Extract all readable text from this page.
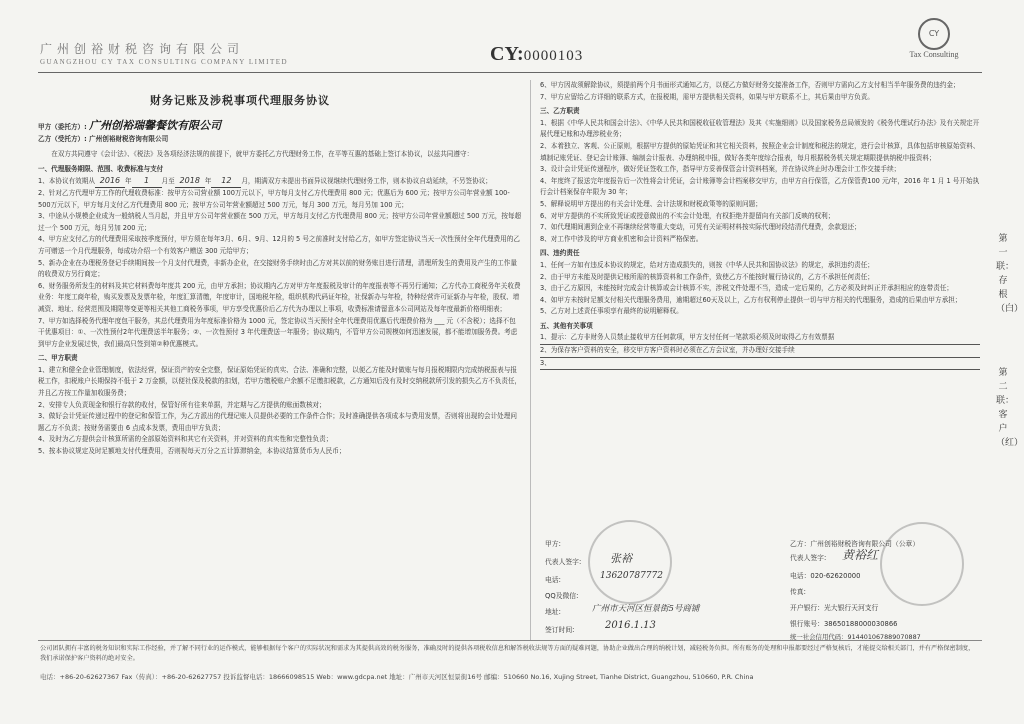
广州创裕财税咨询有限公司
GUANGZHOU CY TAX CONSULTING COMPANY LIMITED	CY:0000103
CY
Tax Consulting
财务记账及涉税事项代理服务协议

甲方（委托方）: 广州创裕瑞馨餐饮有限公司

乙方（受托方）: 广州创裕财税咨询有限公司

在双方共同遵守《会计法》、《税法》及各项经济法规的前提下，就甲方委托乙方代理财务工作，在平等互惠的基础上签订本协议，以兹共同遵守：

一、代理服务期限、范围、收费标准与支付

1、本协议有效期从 2016 年 1 月至 2018 年 12 月，期满双方未提出书面异议视继续代理财务工作，则本协议自动延续，不另签协议；

2、针对乙方代理甲方工作的代理收费标准：按甲方公司营业额 100万元以下，甲方每月支付乙方代理费用 800 元；优惠后为 600 元；按甲方公司年营业额 100-500万元以下，甲方每月支付乙方代理费用 800 元；按甲方公司年营业额超过 500 万元，每月 300 万元，每月另加 100 元；

3、中途从小规模企业成为一般纳税人当月起，并且甲方公司年营业额在 500 万元，甲方每月支付乙方代理费用 800 元；按甲方公司年营业额超过 500 万元，按每超过一个 500 万元，每月另加 200 元；

4、甲方应支付乙方的代理费用采取按季度预付，甲方须在每年3月、6月、9月、12月的 5 号之前准时支付给乙方，如甲方签定协议当天一次性预付全年代理费用的乙方可赠送一个月代理服务，每成功介绍一个有效客户赠送 300 元给甲方；

5、新办企业在办理税务登记手续期间按一个月支付代理费，非新办企业，在交接财务手续时由乙方对其以前的财务账目进行清理，清理所发生的费用及产生的工作量的收费双方另行商定；

6、财务服务所发生的材料及其它材料费每年度共 200 元，由甲方承担；协议期内乙方对甲方年度报税及审计的年度报表等不再另行通知；乙方代办工商税务年关收费业务：年度工商年检，购买发票及发票年检，年度汇算清缴，年度审计，国地税年检，组织机构代码证年检，社保新办与年检，特种经营许可证新办与年检，股权、增减资、地址、经营范围及期限等变更等相关其他工商税务事项，甲方享受优惠价后乙方代为办理以上事项，收费标准请留意本公司网站及每年度最新价格明细表；

7、甲方如选择税务代理年度包干服务，其总代理费用为年度标准价格为 1000 元，签定协议当天预付全年代理费用优惠后代理费价格为 ___ 元（不含税）；选择不包干优惠项目：①、一次性预付2年代理费送半年服务；②、一次性预付 3 年代理费送一年服务；协议期内，不管甲方公司规模如何迅速发展，都不能增加服务费。考虑到甲方企业发展过快，我们最高只签到第②种优惠模式。

二、甲方职责

1、建立和健全企业管理制度，依法经营，保证资产的安全完整，保证原始凭证的真实、合法、准确和完整，以便乙方能及时做账与每月报税期限内完成纳税报表与报税工作，扣税账户长期保持不低于 2 万金额，以便社保及税款的扣划，若甲方缴税账户余额不足缴扣税款，乙方通知后没有及时交纳税款所引发的损失乙方不负责任，并且乙方按工作量加收服务费；

2、安排专人负责现金和银行存款的收付，保管好所有往来单据，并定期与乙方提供的账面数核对；

3、做好会计凭证传递过程中的登记和保管工作，为乙方派出的代理记账人员提供必要的工作条件合作；及时准确提供各项成本与费用发票，否则将出现的会计处理问题乙方不负责；按财务需要由 6 点成本发票，费用由甲方负责；

4、及时为乙方提供会计核算所需的全部原始资料和其它有关资料，并对资料的真实性和完整性负责；

5、按本协议规定及时足额地支付代理费用，否则视每天万分之五计算滞纳金，本协议结算货币为人民币；

6、甲方因故须解除协议，须提前两个月书面形式通知乙方，以便乙方做好财务交接准备工作，否则甲方需向乙方支付相当半年服务费的违约金；

7、甲方应留给乙方详细的联系方式，在报税期，需甲方提供相关资料，如果与甲方联系不上，其后果由甲方负责。

三、乙方职责

1、根据《中华人民共和国会计法》、《中华人民共和国税收征收管理法》及其《实施细则》以及国家税务总局颁发的《税务代理试行办法》及有关规定开展代理记账和办理涉税业务；

2、本着独立、客观、公正原则，根据甲方提供的原始凭证和其它相关资料，按照企业会计制度和税法的规定，进行会计核算，具体包括审核原始资料、填制记账凭证、登记会计账簿、编制会计报表、办理纳税申报，做好各类年度综合报表，每月根据税务机关规定期限提供纳税申报资料；

3、设计会计凭证传递程序，做好凭证签收工作，指导甲方妥善保管会计资料档案，并在协议终止时办理会计工作交接手续；

4、年度终了报送完年度报告后一次性将会计凭证，会计账簿等会计档案移交甲方，由甲方自行保管，乙方保管费100 元/年，2016 年 1 月 1 号开始执行会计档案保存年限为 30 年；

5、解释说明甲方提出的有关会计处理、会计法规和财税政策等的原则问题；

6、对甲方提供的不实所致凭证或授意做出的不实会计处理，有权拒绝并提留向有关部门反映的权利；

7、如代理期间遇到企业不再继续经营等重大变动，可凭有关证明材料按实际代理时段结清代理费，余款退还；

8、对工作中涉及的甲方商业机密和会计资料严格保密。

四、违约责任

1、任何一方如有违反本协议的规定，给对方造成损失的，则按《中华人民共和国协议法》的规定，承担违约责任；

2、由于甲方未能及时提供记账所需的核算资料和工作条件，致使乙方不能按时履行协议的，乙方不承担任何责任；

3、由于乙方原因，未能按时完成会计核算或会计核算不实，涉税文件处理不当，造成一定后果的，乙方必须及时纠正并承担相应的连带责任；

4、如甲方未按时足额支付相关代理服务费用，逾期超过60天及以上，乙方有权利停止提供一切与甲方相关的代理服务，造成的后果由甲方承担；

5、乙方对上述责任事项享有最终的说明解释权。

五、其他有关事项

1、提示：乙方非财务人员禁止接收甲方任何款项，甲方支付任何一笔款项必须及时取得乙方有效票据

2、为保存客户资料的安全，移交甲方客户资料时必须在乙方会议室，并办理好交接手续

3、

甲方:
代表人签字:	张裕
电话:	13620787772
QQ及微信:
地址:	广州市天河区恒景街5号商铺
签订时间:	2016.1.13
乙方：广州创裕财税咨询有限公司（公章）
代表人签字: 黄裕红
电话：020-62620000
传真:
开户银行：光大银行天河支行
银行账号：38650188000030866
统一社会信用代码：914401067889070887
第一联：存根（白）
第二联：客户（红）
公司团队拥有丰富的税务知识和实际工作经验，并了解不同行业的运作模式，能够根据每个客户的实际状况和需求为其提供高效的税务服务，准确及时的提供各项税收信息和解答税收法规等方面的疑难问题，协助企业做出合理的纳税计划，减轻税务负担。所有账务的处理和申报都要经过严格复核后，才能提交给相关部门，并有严格保密制度，我们承诺保护客户资料的绝对安全。
电话：+86-20-62627367 Fax（传真）：+86-20-62627757 投诉监督电话：18666098515 Web：www.gdcpa.net 地址：广州市天河区恒景街16号 邮编：510660 No.16, Xujing Street, Tianhe District, Guangzhou, 510660, P.R. China
